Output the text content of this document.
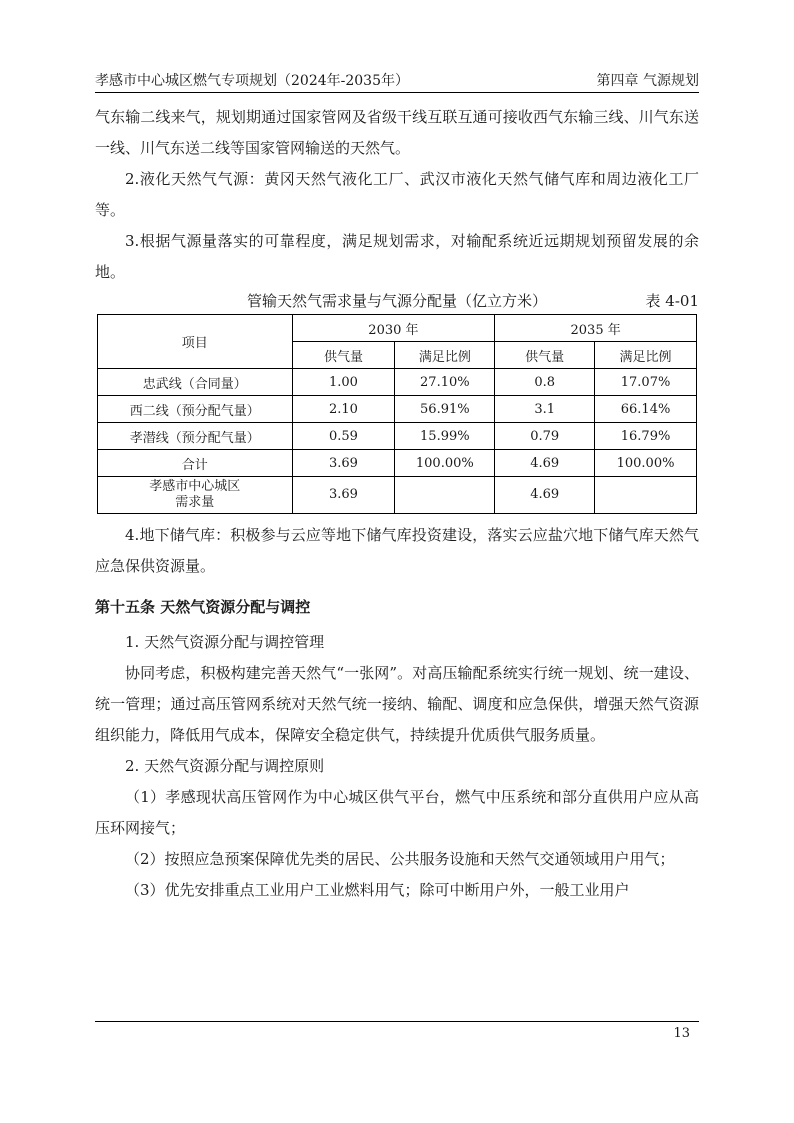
孝感市中心城区燃气专项规划（2024年-2035年）	第四章 气源规划

气东输二线来气，规划期通过国家管网及省级干线互联互通可接收西气东输三线、川气东送一线、川气东送二线等国家管网输送的天然气。

2.液化天然气气源：黄冈天然气液化工厂、武汉市液化天然气储气库和周边液化工厂等。

3.根据气源量落实的可靠程度，满足规划需求，对输配系统近远期规划预留发展的余地。

管输天然气需求量与气源分配量（亿立方米）	表 4-01
项目	2030 年		2035 年	
	供气量	满足比例	供气量	满足比例
忠武线（合同量）	1.00	27.10%	0.8	17.07%
西二线（预分配气量）	2.10	56.91%	3.1	66.14%
孝潜线（预分配气量）	0.59	15.99%	0.79	16.79%
合计	3.69	100.00%	4.69	100.00%
孝感市中心城区
需求量	3.69		4.69	

4.地下储气库：积极参与云应等地下储气库投资建设，落实云应盐穴地下储气库天然气应急保供资源量。

第十五条 天然气资源分配与调控

1. 天然气资源分配与调控管理

协同考虑，积极构建完善天然气“一张网”。对高压输配系统实行统一规划、统一建设、统一管理；通过高压管网系统对天然气统一接纳、输配、调度和应急保供，增强天然气资源组织能力，降低用气成本，保障安全稳定供气，持续提升优质供气服务质量。

2. 天然气资源分配与调控原则

（1）孝感现状高压管网作为中心城区供气平台，燃气中压系统和部分直供用户应从高压环网接气；

（2）按照应急预案保障优先类的居民、公共服务设施和天然气交通领域用户用气；

（3）优先安排重点工业用户工业燃料用气；除可中断用户外，一般工业用户

13
